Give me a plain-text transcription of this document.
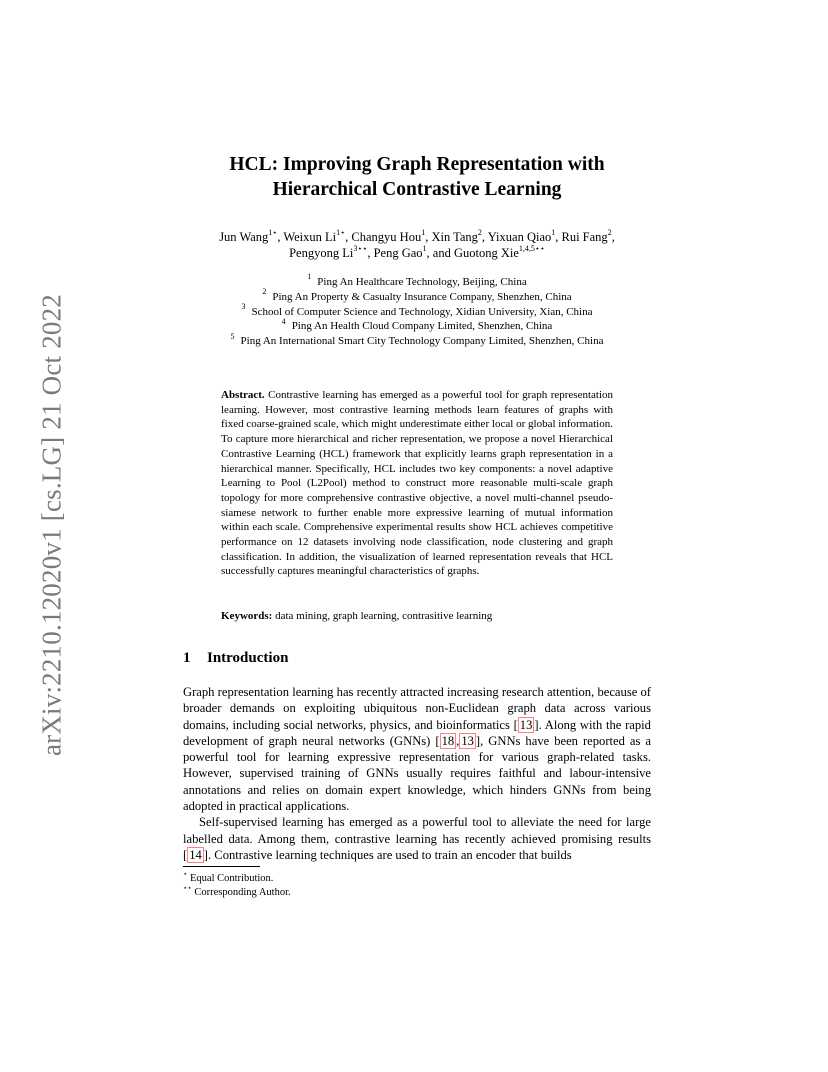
arXiv:2210.12020v1 [cs.LG] 21 Oct 2022
HCL: Improving Graph Representation with
Hierarchical Contrastive Learning
Jun Wang$^{1⋆}$, Weixun $Li^{1⋆}$, Changyu Hou$^1$, Xin Tang$^2$, Yixuan Qiao$^1$, Rui Fang$^2$,
Pengyong $Li^{3⋆⋆}$, Peng Gao$^1$, and Guotong Xie$^{1,4,5⋆⋆}$
$^1$ Ping An Healthcare Technology, Beijing, China
$^2$ Ping An Property & Casualty Insurance Company, Shenzhen, China
$^3$ School of Computer Science and Technology, Xidian University, Xian, China
$^4$ Ping An Health Cloud Company Limited, Shenzhen, China
$^5$ Ping An International Smart City Technology Company Limited, Shenzhen, China
Abstract. Contrastive learning has emerged as a powerful tool for graph representation learning. However, most contrastive learning methods learn features of graphs with fixed coarse-grained scale, which might underestimate either local or global information. To capture more hierarchical and richer representation, we propose a novel Hierarchical Contrastive Learning (HCL) framework that explicitly learns graph representation in a hierarchical manner. Specifically, HCL includes two key components: a novel adaptive Learning to Pool (L2Pool) method to construct more reasonable multi-scale graph topology for more comprehensive contrastive objective, a novel multi-channel pseudo-siamese network to further enable more expressive learning of mutual information within each scale. Comprehensive experimental results show HCL achieves competitive performance on 12 datasets involving node classification, node clustering and graph classification. In addition, the visualization of learned representation reveals that HCL successfully captures meaningful characteristics of graphs.
Keywords: data mining, graph learning, contrasitive learning
1 Introduction

Graph representation learning has recently attracted increasing research attention, because of broader demands on exploiting ubiquitous non-Euclidean graph data across various domains, including social networks, physics, and bioinformatics [ 13 ]. Along with the rapid development of graph neural networks (GNNs) [ 18 , 13 ], GNNs have been reported as a powerful tool for learning expressive representation for various graph-related tasks. However, supervised training of GNNs usually requires faithful and labour-intensive annotations and relies on domain expert knowledge, which hinders GNNs from being adopted in practical applications.

Self-supervised learning has emerged as a powerful tool to alleviate the need for large labelled data. Among them, contrastive learning has recently achieved promising results [ 14 ]. Contrastive learning techniques are used to train an encoder that builds

⋆ Equal Contribution.
⋆⋆ Corresponding Author.
